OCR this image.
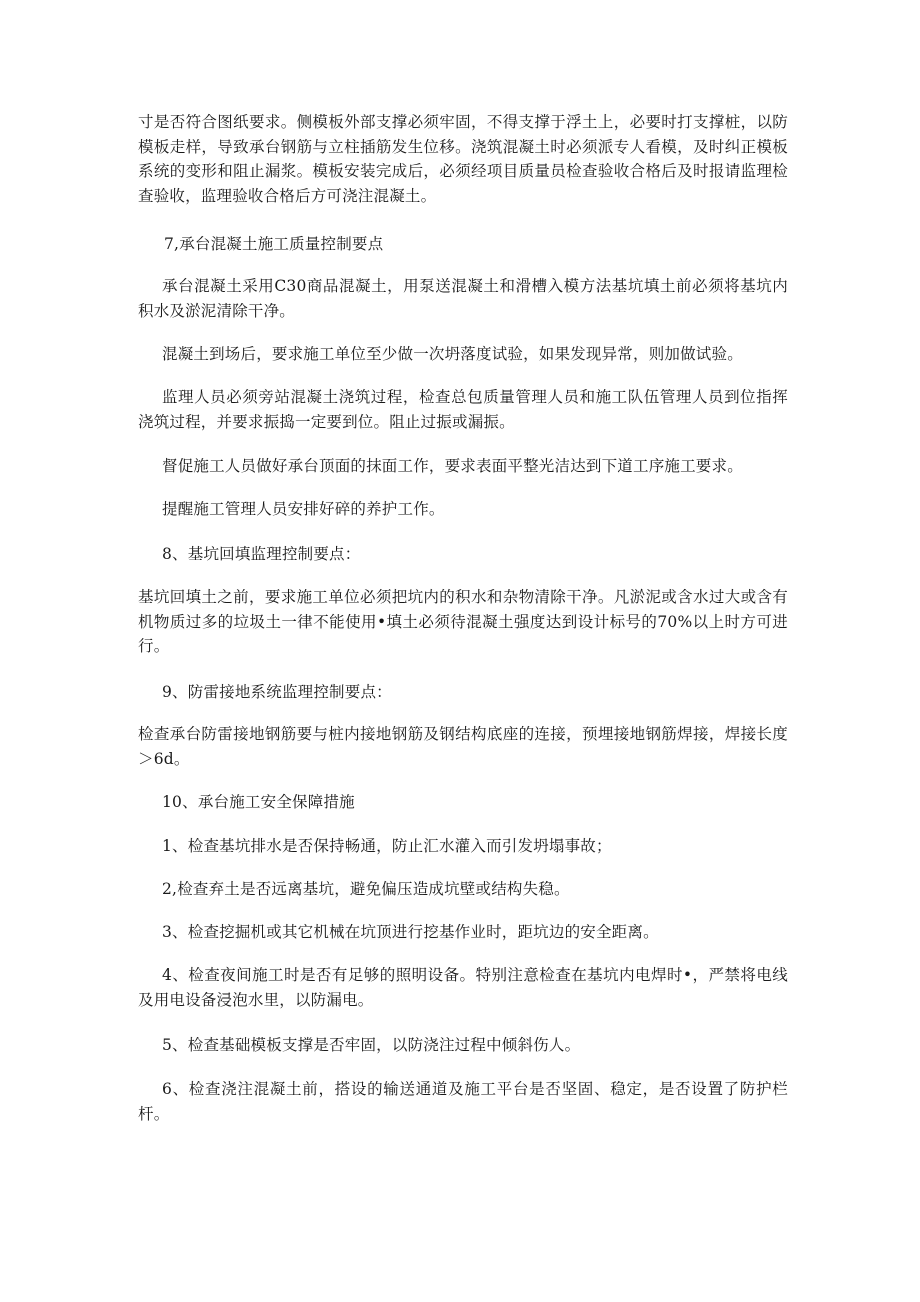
寸是否符合图纸要求。侧模板外部支撑必须牢固，不得支撑于浮土上，必要时打支撑桩，以防模板走样，导致承台钢筋与立柱插筋发生位移。浇筑混凝土时必须派专人看模，及时纠正模板系统的变形和阻止漏浆。模板安装完成后，必须经项目质量员检查验收合格后及时报请监理检查验收，监理验收合格后方可浇注混凝土。

7,承台混凝土施工质量控制要点

承台混凝土采用C30商品混凝土，用泵送混凝土和滑槽入模方法基坑填土前必须将基坑内积水及淤泥清除干净。

混凝土到场后，要求施工单位至少做一次坍落度试验，如果发现异常，则加做试验。

监理人员必须旁站混凝土浇筑过程，检查总包质量管理人员和施工队伍管理人员到位指挥浇筑过程，并要求振捣一定要到位。阻止过振或漏振。

督促施工人员做好承台顶面的抹面工作，要求表面平整光洁达到下道工序施工要求。

提醒施工管理人员安排好碎的养护工作。

8、基坑回填监理控制要点：

基坑回填土之前，要求施工单位必须把坑内的积水和杂物清除干净。凡淤泥或含水过大或含有机物质过多的垃圾土一律不能使用•填土必须待混凝土强度达到设计标号的70%以上时方可进行。

9、防雷接地系统监理控制要点：

检查承台防雷接地钢筋要与桩内接地钢筋及钢结构底座的连接，预埋接地钢筋焊接，焊接长度＞6d。

10、承台施工安全保障措施

1、检查基坑排水是否保持畅通，防止汇水灌入而引发坍塌事故；

2,检查弃土是否远离基坑，避免偏压造成坑壁或结构失稳。

3、检查挖掘机或其它机械在坑顶进行挖基作业时，距坑边的安全距离。

4、检查夜间施工时是否有足够的照明设备。特别注意检查在基坑内电焊时•，严禁将电线及用电设备浸泡水里，以防漏电。

5、检查基础模板支撑是否牢固，以防浇注过程中倾斜伤人。

6、检查浇注混凝土前，搭设的输送通道及施工平台是否坚固、稳定，是否设置了防护栏杆。
